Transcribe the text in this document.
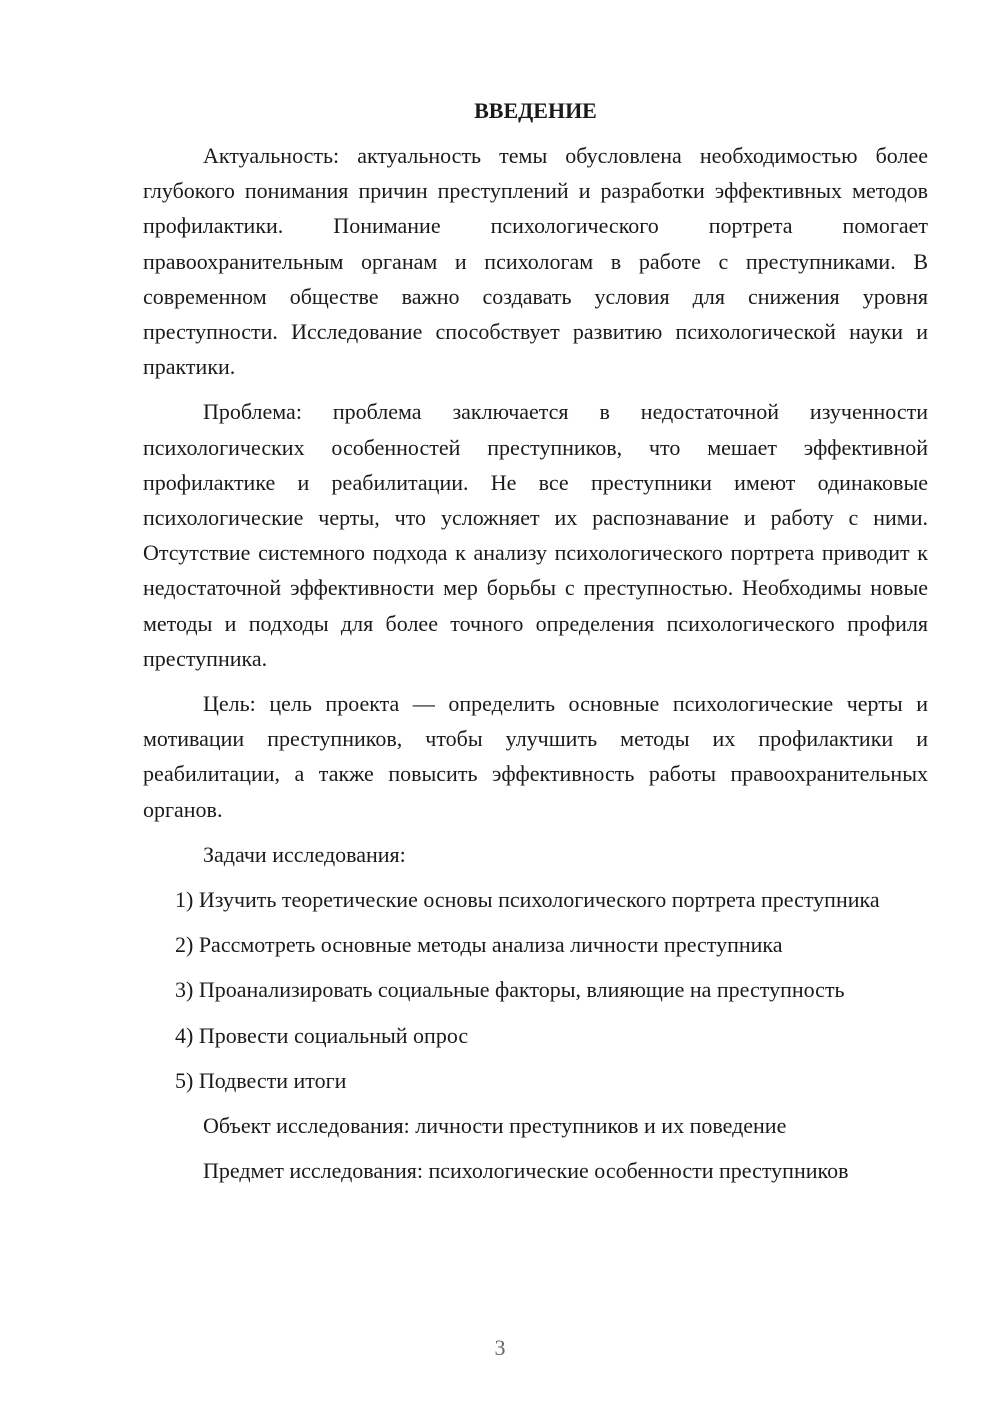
ВВЕДЕНИЕ

Актуальность: актуальность темы обусловлена необходимостью более глубокого понимания причин преступлений и разработки эффективных методов профилактики. Понимание психологического портрета помогает правоохранительным органам и психологам в работе с преступниками. В современном обществе важно создавать условия для снижения уровня преступности. Исследование способствует развитию психологической науки и практики.

Проблема: проблема заключается в недостаточной изученности психологических особенностей преступников, что мешает эффективной профилактике и реабилитации. Не все преступники имеют одинаковые психологические черты, что усложняет их распознавание и работу с ними. Отсутствие системного подхода к анализу психологического портрета приводит к недостаточной эффективности мер борьбы с преступностью. Необходимы новые методы и подходы для более точного определения психологического профиля преступника.

Цель: цель проекта — определить основные психологические черты и мотивации преступников, чтобы улучшить методы их профилактики и реабилитации, а также повысить эффективность работы правоохранительных органов.

Задачи исследования:

1) Изучить теоретические основы психологического портрета преступника

2) Рассмотреть основные методы анализа личности преступника

3) Проанализировать социальные факторы, влияющие на преступность

4) Провести социальный опрос

5) Подвести итоги

Объект исследования: личности преступников и их поведение

Предмет исследования: психологические особенности преступников

3
